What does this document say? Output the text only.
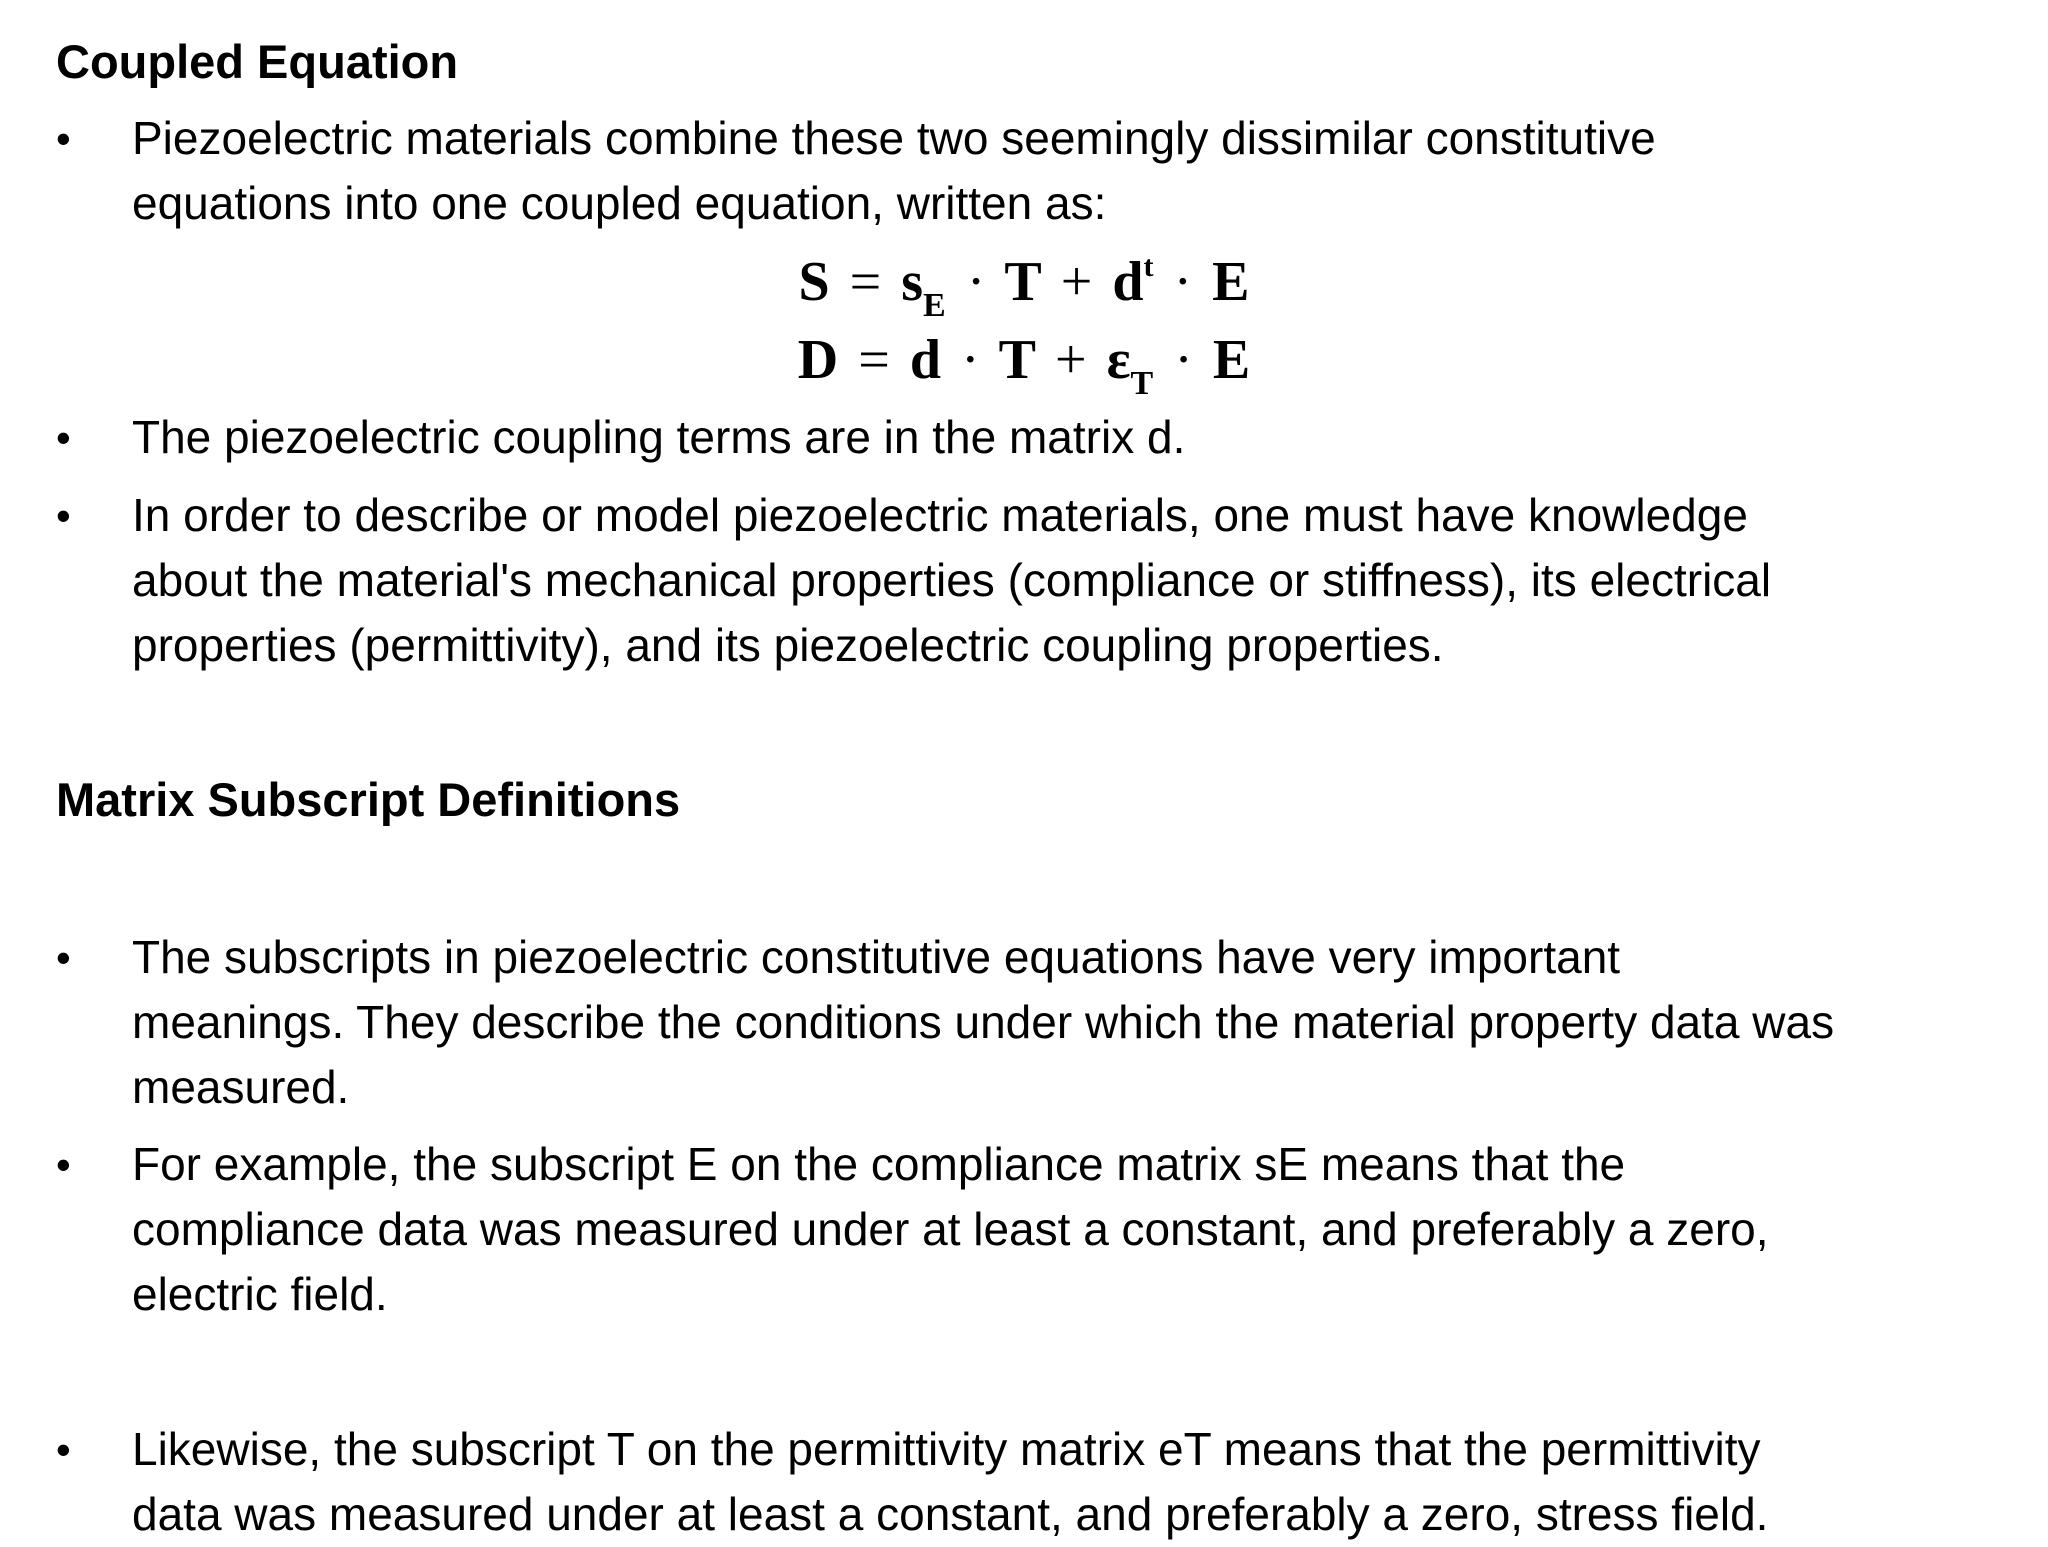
Coupled Equation
• Piezoelectric materials combine these two seemingly dissimilar constitutive
equations into one coupled equation, written as:
$S = s_E \cdot T + d^t \cdot E$
$D = d \cdot T + \varepsilon_T \cdot E$
• The piezoelectric coupling terms are in the matrix d.
• In order to describe or model piezoelectric materials, one must have knowledge
about the material's mechanical properties (compliance or stiffness), its electrical
properties (permittivity), and its piezoelectric coupling properties.
Matrix Subscript Definitions
• The subscripts in piezoelectric constitutive equations have very important
meanings. They describe the conditions under which the material property data was
measured.
• For example, the subscript E on the compliance matrix sE means that the
compliance data was measured under at least a constant, and preferably a zero,
electric field.
• Likewise, the subscript T on the permittivity matrix eT means that the permittivity
data was measured under at least a constant, and preferably a zero, stress field.
